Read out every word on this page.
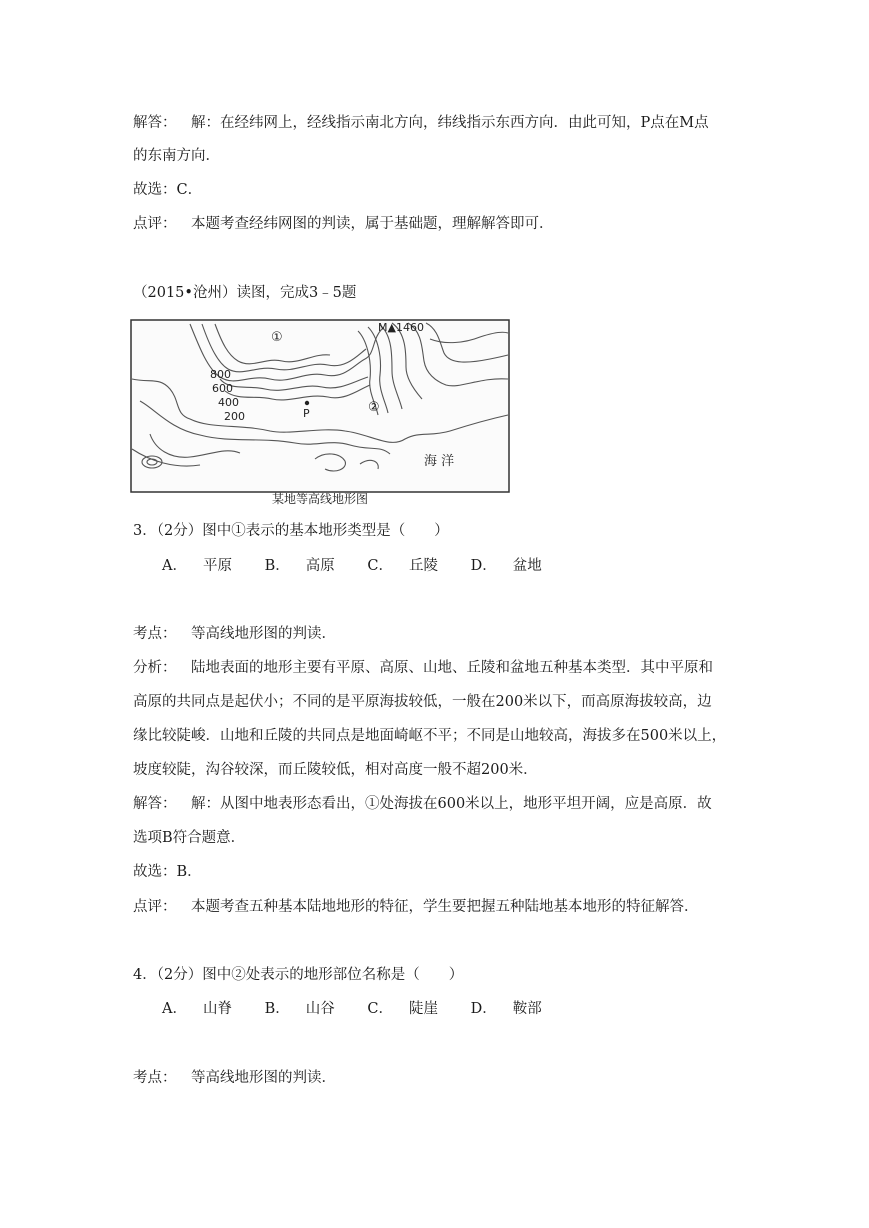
解答： 解：在经纬网上，经线指示南北方向，纬线指示东西方向．由此可知，P点在M点
的东南方向．
故选：C．
点评： 本题考查经纬网图的判读，属于基础题，理解解答即可．
（2015•沧州）读图，完成3﹣5题
①
M▲1460
800
600
400
200	P	②
海 洋
某地等高线地形图
3．（2分）图中①表示的基本地形类型是（　　）
A． 平原 B． 高原 C． 丘陵 D． 盆地
考点： 等高线地形图的判读．
分析： 陆地表面的地形主要有平原、高原、山地、丘陵和盆地五种基本类型．其中平原和
高原的共同点是起伏小；不同的是平原海拔较低，一般在200米以下，而高原海拔较高，边
缘比较陡峻．山地和丘陵的共同点是地面崎岖不平；不同是山地较高，海拔多在500米以上，
坡度较陡，沟谷较深，而丘陵较低，相对高度一般不超200米．
解答： 解：从图中地表形态看出，①处海拔在600米以上，地形平坦开阔，应是高原．故
选项B符合题意．
故选：B．
点评： 本题考查五种基本陆地地形的特征，学生要把握五种陆地基本地形的特征解答．
4．（2分）图中②处表示的地形部位名称是（　　）
A． 山脊 B． 山谷 C． 陡崖 D． 鞍部
考点： 等高线地形图的判读．
